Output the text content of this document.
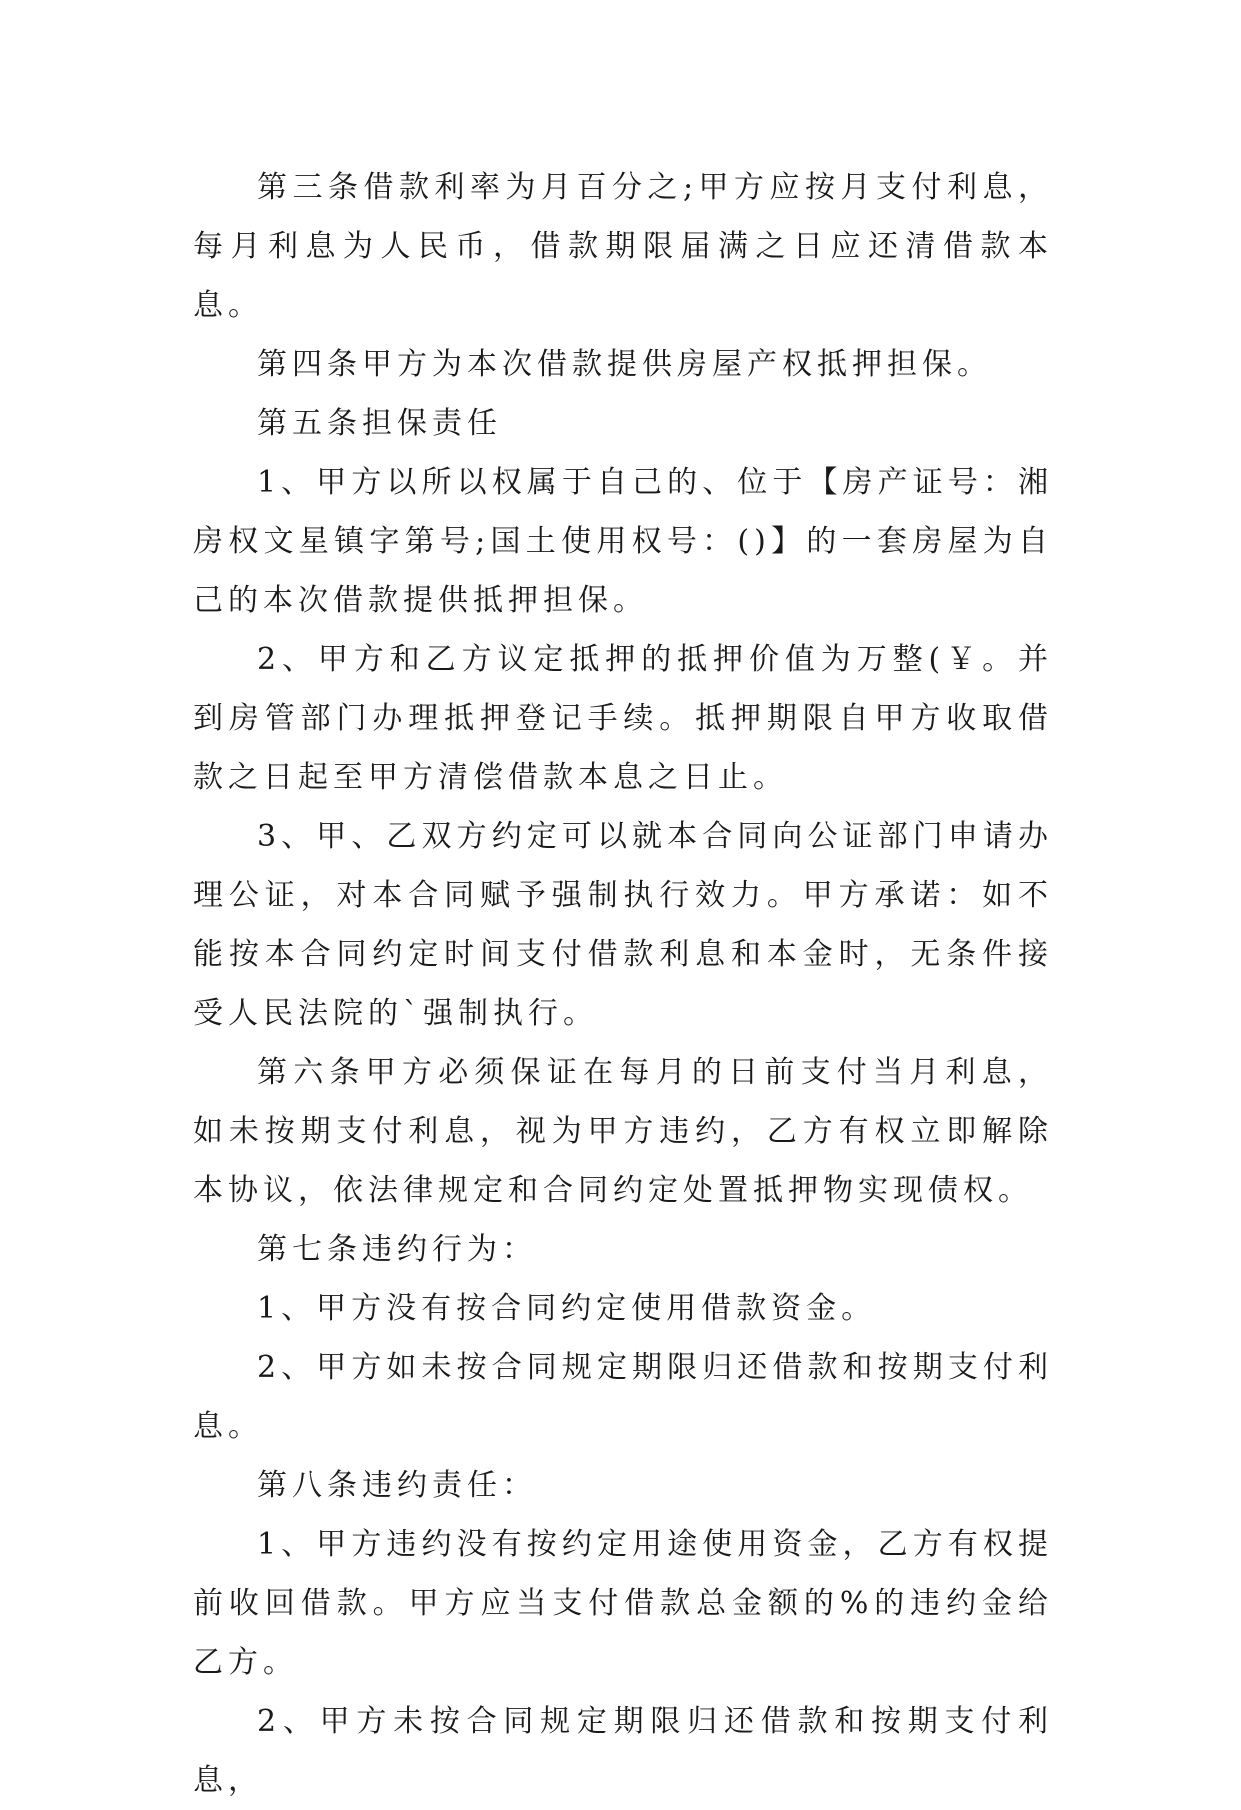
第三条借款利率为月百分之;甲方应按月支付利息，每月利息为人民币，借款期限届满之日应还清借款本息。

第四条甲方为本次借款提供房屋产权抵押担保。

第五条担保责任

1、甲方以所以权属于自己的、位于【房产证号：湘房权文星镇字第号;国土使用权号：()】的一套房屋为自己的本次借款提供抵押担保。

2、甲方和乙方议定抵押的抵押价值为万整(￥。并到房管部门办理抵押登记手续。抵押期限自甲方收取借款之日起至甲方清偿借款本息之日止。

3、甲、乙双方约定可以就本合同向公证部门申请办理公证，对本合同赋予强制执行效力。甲方承诺：如不能按本合同约定时间支付借款利息和本金时，无条件接受人民法院的`强制执行。

第六条甲方必须保证在每月的日前支付当月利息，如未按期支付利息，视为甲方违约，乙方有权立即解除本协议，依法律规定和合同约定处置抵押物实现债权。

第七条违约行为：

1、甲方没有按合同约定使用借款资金。

2、甲方如未按合同规定期限归还借款和按期支付利息。

第八条违约责任：

1、甲方违约没有按约定用途使用资金，乙方有权提前收回借款。甲方应当支付借款总金额的%的违约金给乙方。

2、甲方未按合同规定期限归还借款和按期支付利息，
